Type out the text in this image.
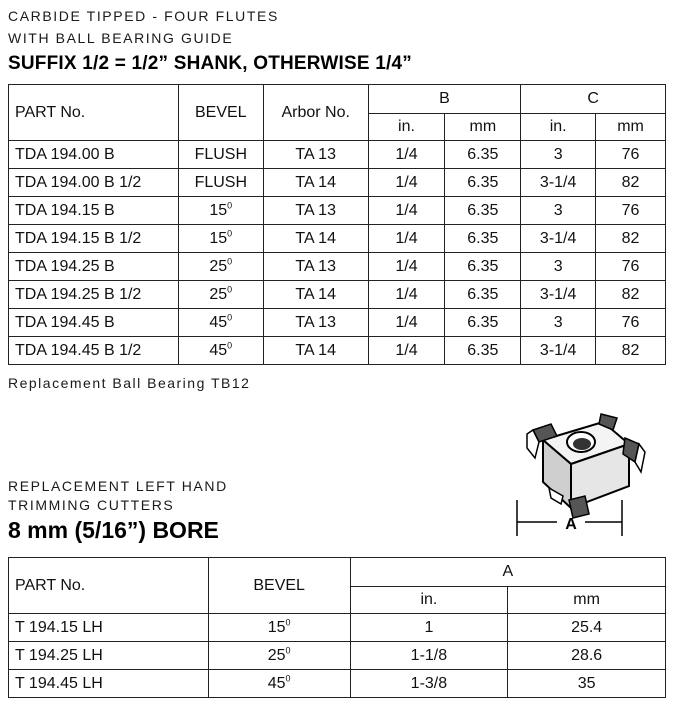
CARBIDE TIPPED - FOUR FLUTES
WITH BALL BEARING GUIDE
SUFFIX 1/2 = 1/2” SHANK, OTHERWISE 1/4”
PART No.	BEVEL	Arbor No.	B		C	
			in.	mm	in.	mm
TDA 194.00 B	FLUSH	TA 13	1/4	6.35	3	76
TDA 194.00 B 1/2	FLUSH	TA 14	1/4	6.35	3-1/4	82
TDA 194.15 B	$15^0$	TA 13	1/4	6.35	3	76
TDA 194.15 B 1/2	$15^0$	TA 14	1/4	6.35	3-1/4	82
TDA 194.25 B	$25^0$	TA 13	1/4	6.35	3	76
TDA 194.25 B 1/2	$25^0$	TA 14	1/4	6.35	3-1/4	82
TDA 194.45 B	$45^0$	TA 13	1/4	6.35	3	76
TDA 194.45 B 1/2	$45^0$	TA 14	1/4	6.35	3-1/4	82
Replacement Ball Bearing TB12
A
REPLACEMENT LEFT HAND
TRIMMING CUTTERS
8 mm (5/16”) BORE
PART No.	BEVEL	A	
		in.	mm
T 194.15 LH	$15^0$	1	25.4
T 194.25 LH	$25^0$	1-1/8	28.6
T 194.45 LH	$45^0$	1-3/8	35
